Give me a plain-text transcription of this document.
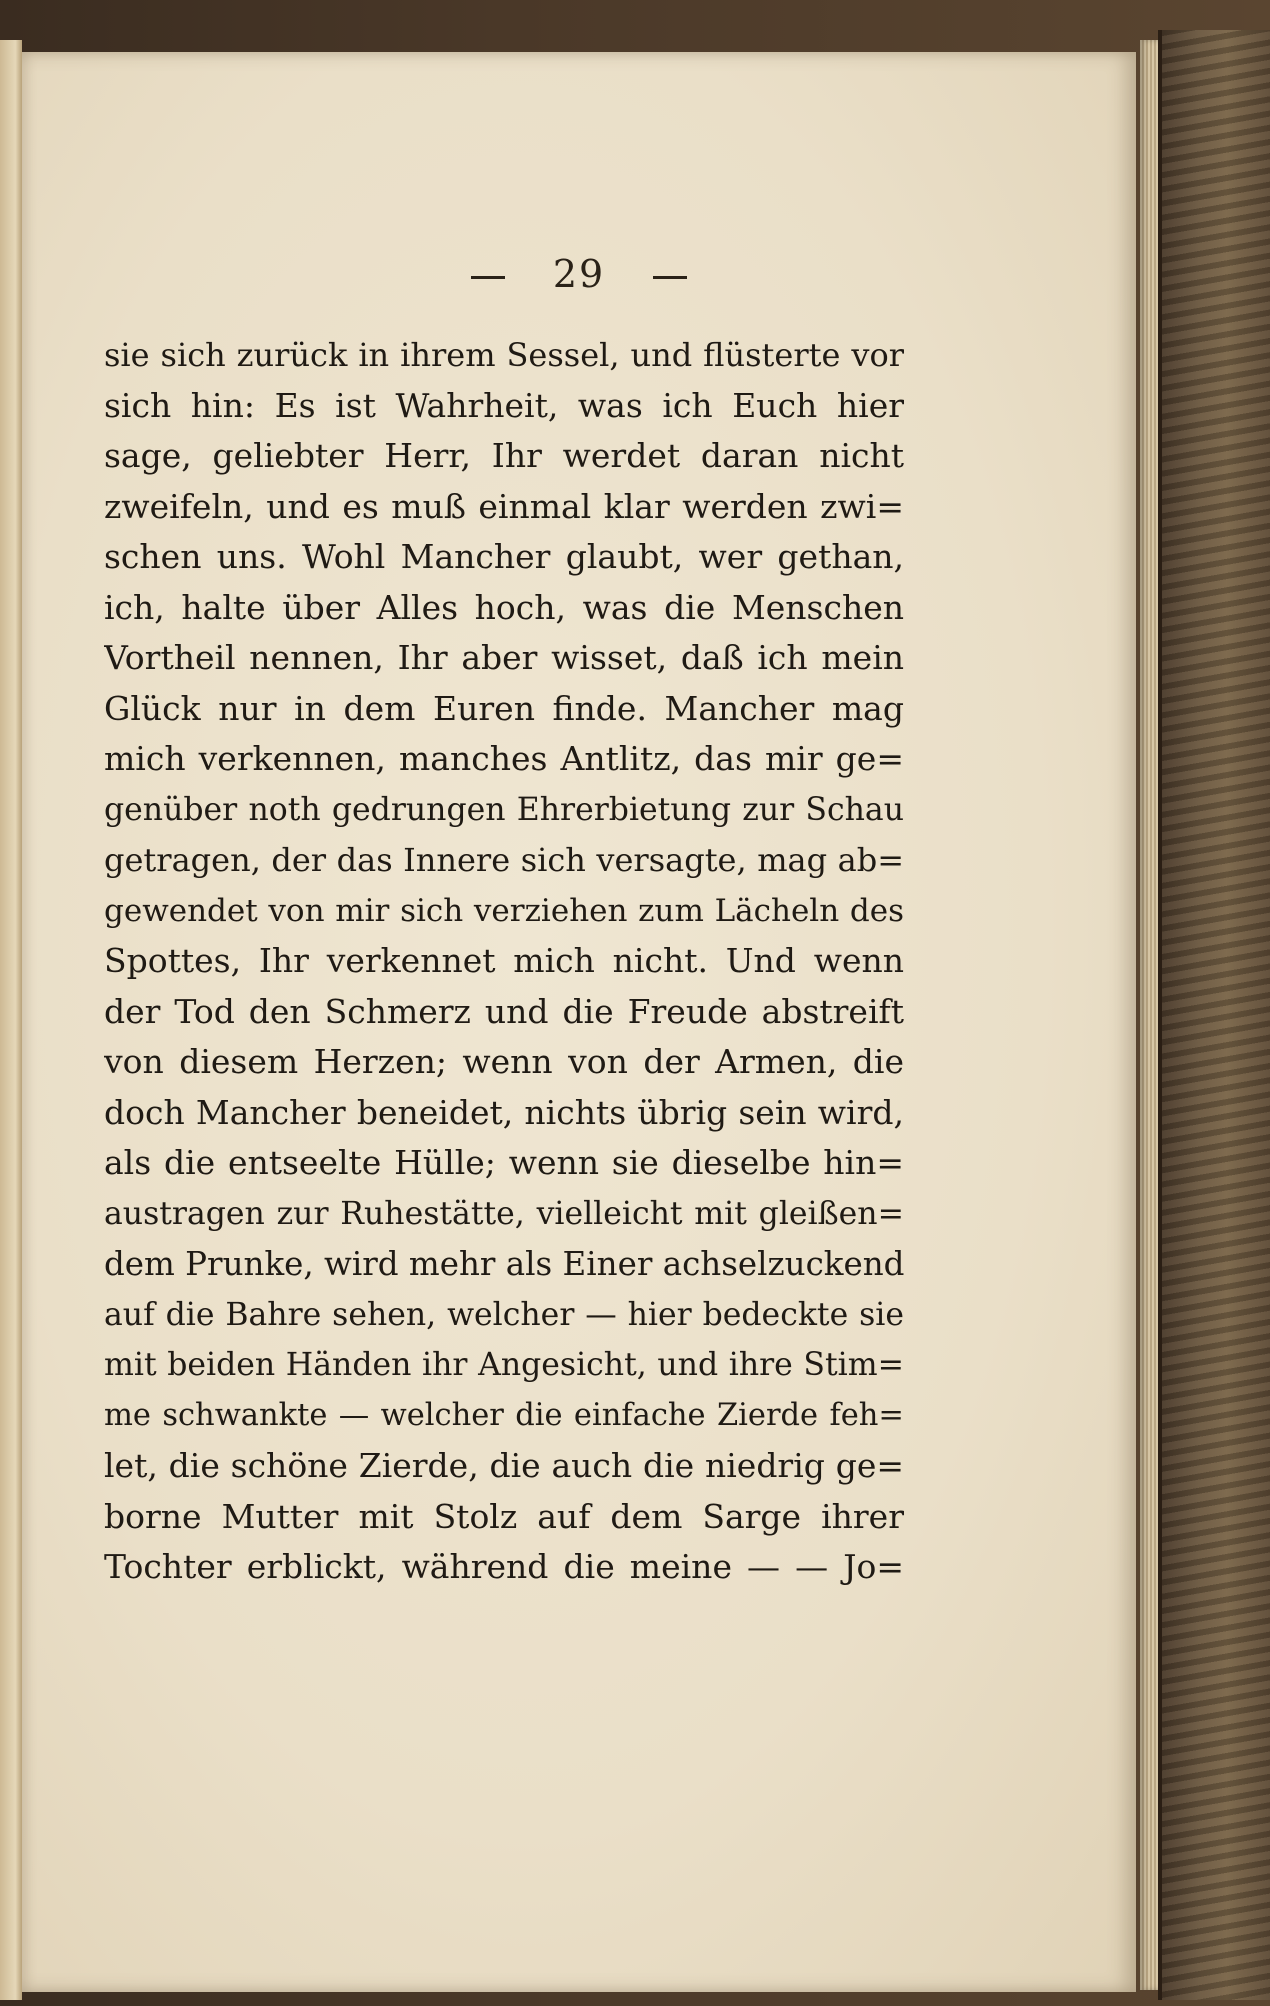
29
sie sich zurück in ihrem Sessel, und flüsterte vor
sich hin: Es ist Wahrheit, was ich Euch hier
sage, geliebter Herr, Ihr werdet daran nicht
zweifeln, und es muß einmal klar werden zwi=
schen uns. Wohl Mancher glaubt, wer gethan,
ich, halte über Alles hoch, was die Menschen
Vortheil nennen, Ihr aber wisset, daß ich mein
Glück nur in dem Euren finde. Mancher mag
mich verkennen, manches Antlitz, das mir ge=
genüber noth gedrungen Ehrerbietung zur Schau
getragen, der das Innere sich versagte, mag ab=
gewendet von mir sich verziehen zum Lächeln des
Spottes, Ihr verkennet mich nicht. Und wenn
der Tod den Schmerz und die Freude abstreift
von diesem Herzen; wenn von der Armen, die
doch Mancher beneidet, nichts übrig sein wird,
als die entseelte Hülle; wenn sie dieselbe hin=
austragen zur Ruhestätte, vielleicht mit gleißen=
dem Prunke, wird mehr als Einer achselzuckend
auf die Bahre sehen, welcher — hier bedeckte sie
mit beiden Händen ihr Angesicht, und ihre Stim=
me schwankte — welcher die einfache Zierde feh=
let, die schöne Zierde, die auch die niedrig ge=
borne Mutter mit Stolz auf dem Sarge ihrer
Tochter erblickt, während die meine — — Jo=
